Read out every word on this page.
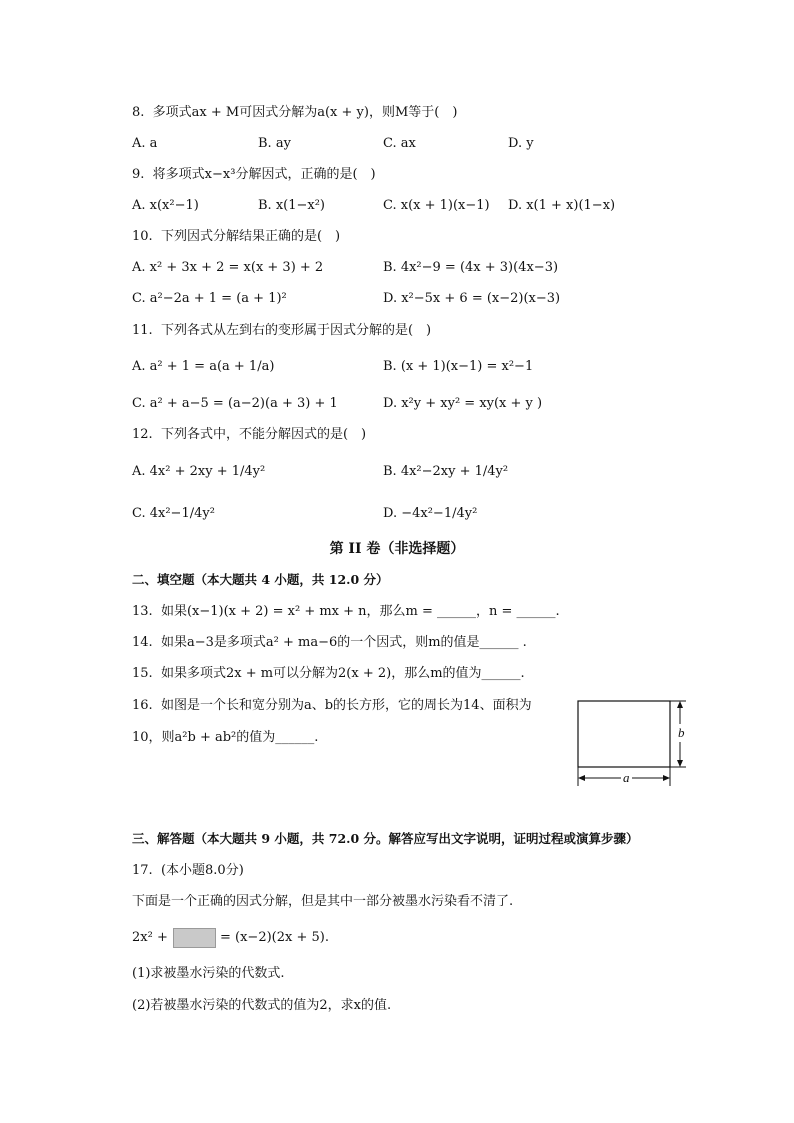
8. 多项式ax + M可因式分解为a(x + y)，则M等于(　)
A. a	B. ay	C. ax	D. y
9. 将多项式x−x³分解因式，正确的是(　)
A. x(x²−1)	B. x(1−x²)	C. x(x + 1)(x−1) D. x(1 + x)(1−x)
10. 下列因式分解结果正确的是(　)
A. x² + 3x + 2 = x(x + 3) + 2	B. 4x²−9 = (4x + 3)(4x−3)
C. a²−2a + 1 = (a + 1)²	D. x²−5x + 6 = (x−2)(x−3)
11. 下列各式从左到右的变形属于因式分解的是(　)
A. a² + 1 = a(a + 1/a)	B. (x + 1)(x−1) = x²−1
C. a² + a−5 = (a−2)(a + 3) + 1	D. x²y + xy² = xy(x + y )
12. 下列各式中，不能分解因式的是(　)
A. 4x² + 2xy + 1/4y²	B. 4x²−2xy + 1/4y²
C. 4x²−1/4y²	D. −4x²−1/4y²
第 II 卷（非选择题）
二、填空题（本大题共 4 小题，共 12.0 分）
13. 如果(x−1)(x + 2) = x² + mx + n，那么m = ______，n = ______.
14. 如果a−3是多项式a² + ma−6的一个因式，则m的值是______ .
15. 如果多项式2x + m可以分解为2(x + 2)，那么m的值为______.
16. 如图是一个长和宽分别为a、b的长方形，它的周长为14、面积为
10，则a²b + ab²的值为______.	b
a
三、解答题（本大题共 9 小题，共 72.0 分。解答应写出文字说明，证明过程或演算步骤）
17. (本小题8.0分)
下面是一个正确的因式分解，但是其中一部分被墨水污染看不清了.
2x² +	= (x−2)(2x + 5).
(1)求被墨水污染的代数式.
(2)若被墨水污染的代数式的值为2，求x的值.
